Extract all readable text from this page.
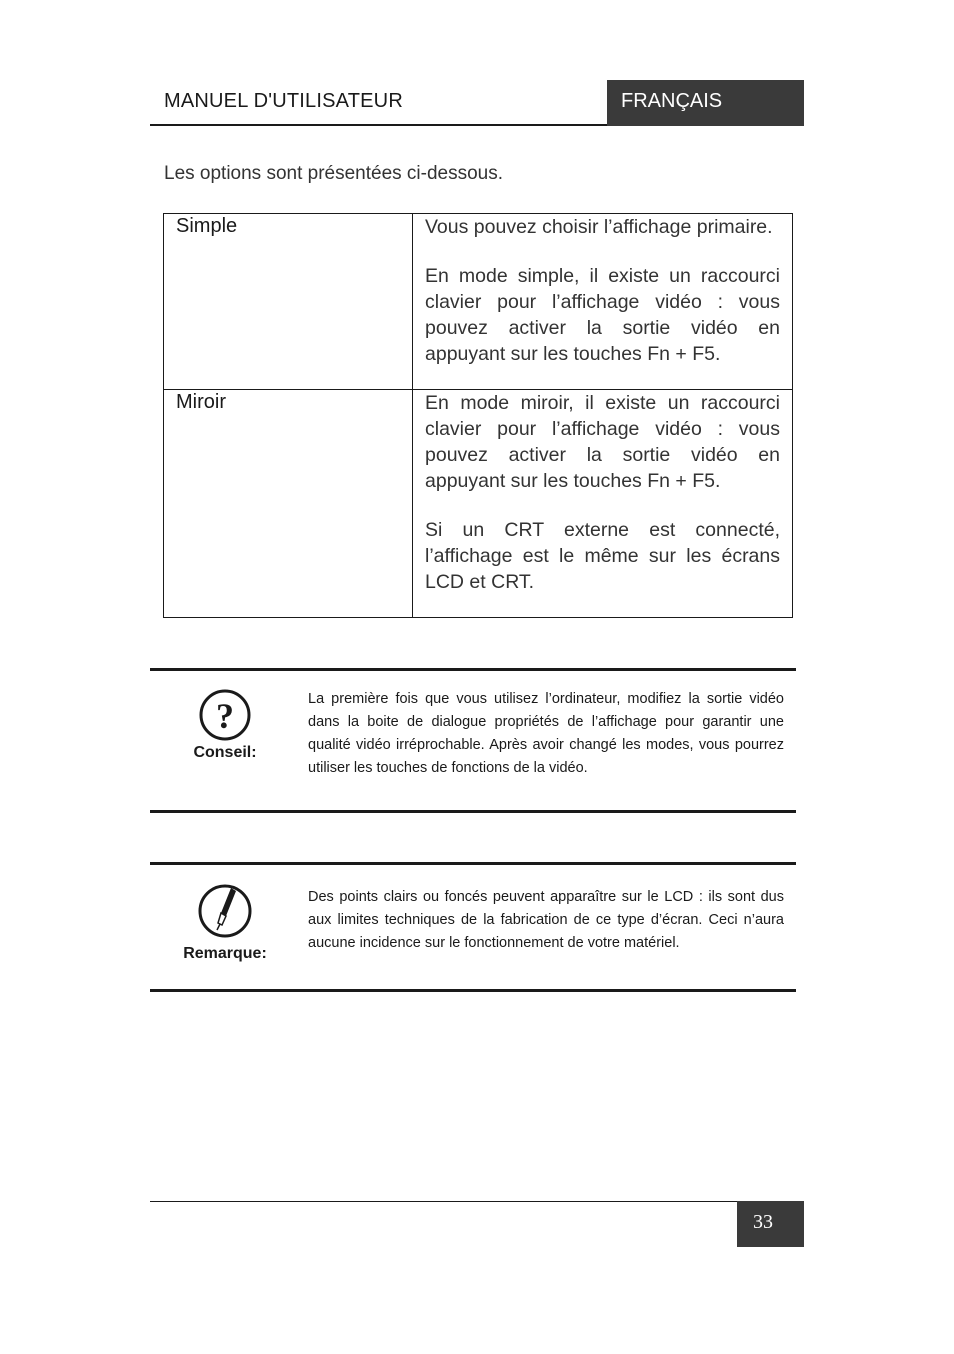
MANUEL D'UTILISATEUR	FRANÇAIS
Les options sont présentées ci-dessous.
Simple	Vous pouvez choisir l’affichage primaire.

En mode simple, il existe un raccourci clavier pour l’affichage vidéo : vous pouvez activer la sortie vidéo en appuyant sur les touches Fn + F5.

Miroir	En mode miroir, il existe un raccourci clavier pour l’affichage vidéo : vous pouvez activer la sortie vidéo en appuyant sur les touches Fn + F5.

Si un CRT externe est connecté, l’affichage est le même sur les écrans LCD et CRT.

?
Conseil:
La première fois que vous utilisez l’ordinateur, modifiez la sortie vidéo dans la boite de dialogue propriétés de l’affichage pour garantir une qualité vidéo irréprochable. Après avoir changé les modes, vous pourrez utiliser les touches de fonctions de la vidéo.
Remarque:
Des points clairs ou foncés peuvent apparaître sur le LCD : ils sont dus aux limites techniques de la fabrication de ce type d’écran. Ceci n’aura aucune incidence sur le fonctionnement de votre matériel.
33
